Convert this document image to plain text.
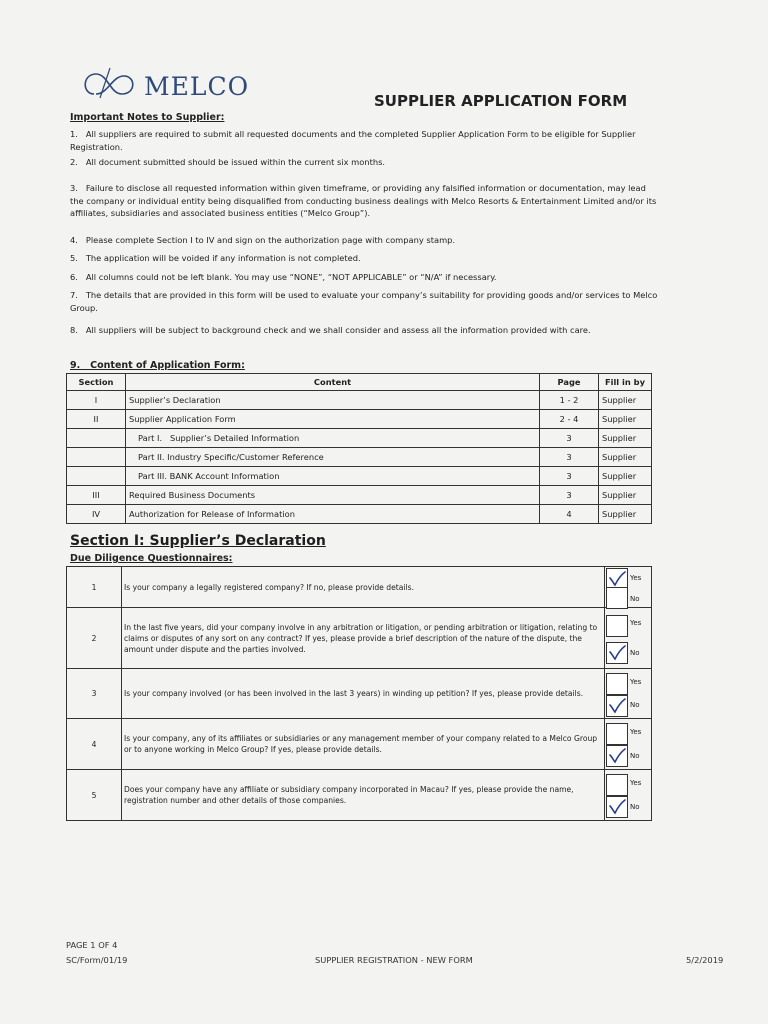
MELCO
SUPPLIER APPLICATION FORM
Important Notes to Supplier:
1.   All suppliers are required to submit all requested documents and the completed Supplier Application Form to be eligible for Supplier Registration.
2.   All document submitted should be issued within the current six months.
3.   Failure to disclose all requested information within given timeframe, or providing any falsified information or documentation, may lead the company or individual entity being disqualified from conducting business dealings with Melco Resorts & Entertainment Limited and/or its affiliates, subsidiaries and associated business entities (“Melco Group”).
4.   Please complete Section I to IV and sign on the authorization page with company stamp.
5.   The application will be voided if any information is not completed.
6.   All columns could not be left blank. You may use “NONE”, “NOT APPLICABLE” or “N/A” if necessary.
7.   The details that are provided in this form will be used to evaluate your company’s suitability for providing goods and/or services to Melco Group.
8.   All suppliers will be subject to background check and we shall consider and assess all the information provided with care.
9.   Content of Application Form:
Section	Content	Page	Fill in by
I	Supplier’s Declaration	1 - 2	Supplier
II	Supplier Application Form	2 - 4	Supplier
	Part I.   Supplier’s Detailed Information	3	Supplier
	Part II. Industry Specific/Customer Reference	3	Supplier
	Part III. BANK Account Information	3	Supplier
III	Required Business Documents	3	Supplier
IV	Authorization for Release of Information	4	Supplier
Section I: Supplier’s Declaration
Due Diligence Questionnaires:
1	Is your company a legally registered company? If no, please provide details.	Yes
No

2	In the last five years, did your company involve in any arbitration or litigation, or pending arbitration or litigation, relating to claims or disputes of any sort on any contract? If yes, please provide a brief description of the nature of the dispute, the amount under dispute and the parties involved.	Yes
No

3	Is your company involved (or has been involved in the last 3 years) in winding up petition? If yes, please provide details.	Yes
No

4	Is your company, any of its affiliates or subsidiaries or any management member of your company related to a Melco Group or to anyone working in Melco Group? If yes, please provide details.	Yes
No

5	Does your company have any affiliate or subsidiary company incorporated in Macau? If yes, please provide the name, registration number and other details of those companies.	Yes
No
PAGE 1 OF 4
SC/Form/01/19	SUPPLIER REGISTRATION - NEW FORM	5/2/2019
